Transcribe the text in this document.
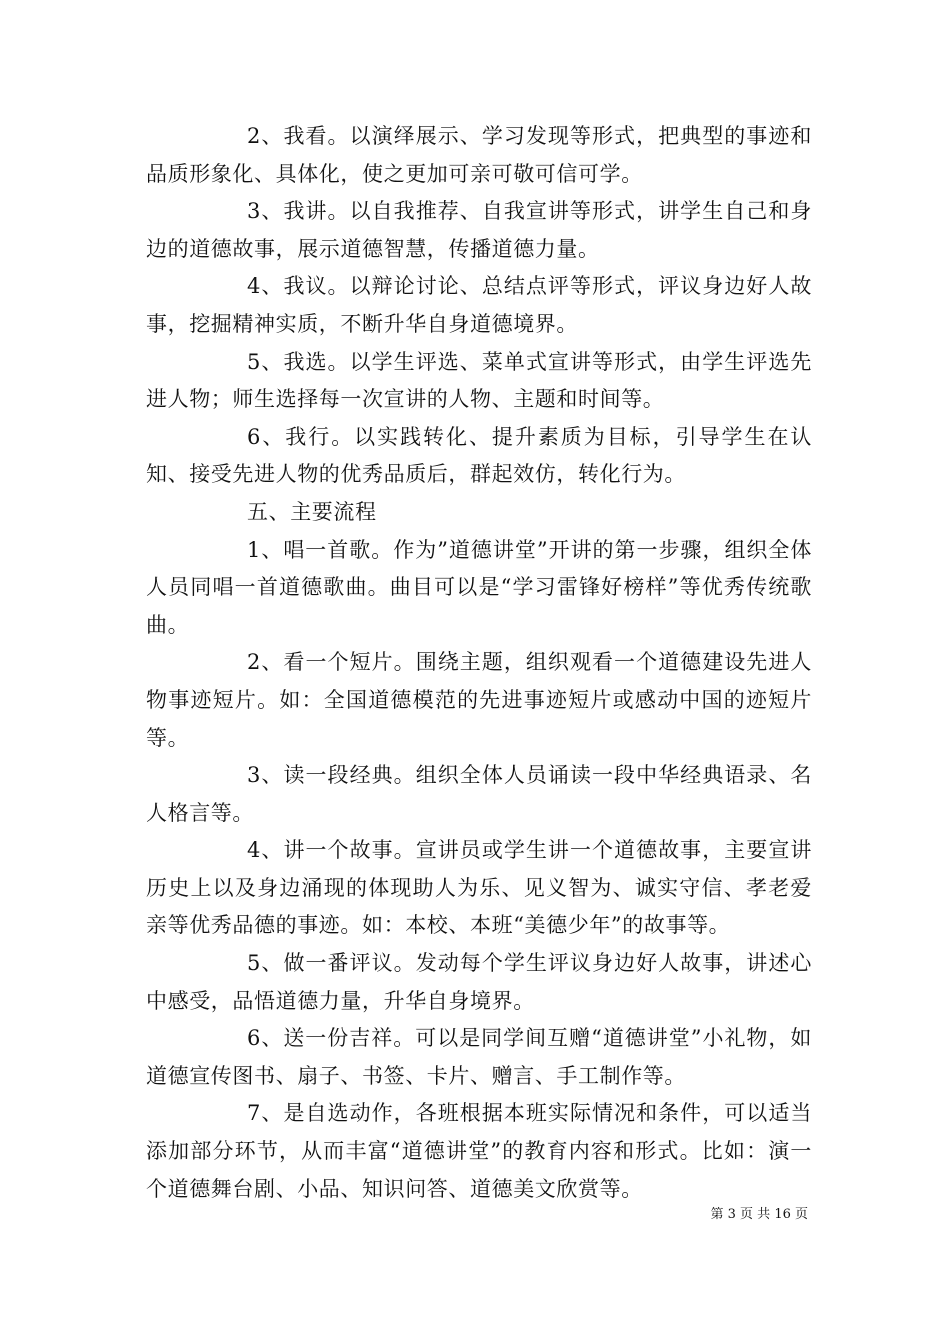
2、我看。以演绎展示、学习发现等形式，把典型的事迹和品质形象化、具体化，使之更加可亲可敬可信可学。

3、我讲。以自我推荐、自我宣讲等形式，讲学生自己和身边的道德故事，展示道德智慧，传播道德力量。

4、我议。以辩论讨论、总结点评等形式，评议身边好人故事，挖掘精神实质，不断升华自身道德境界。

5、我选。以学生评选、菜单式宣讲等形式，由学生评选先进人物；师生选择每一次宣讲的人物、主题和时间等。

6、我行。以实践转化、提升素质为目标，引导学生在认知、接受先进人物的优秀品质后，群起效仿，转化行为。

五、主要流程

1、唱一首歌。作为”道德讲堂”开讲的第一步骤，组织全体人员同唱一首道德歌曲。曲目可以是“学习雷锋好榜样”等优秀传统歌曲。

2、看一个短片。围绕主题，组织观看一个道德建设先进人物事迹短片。如：全国道德模范的先进事迹短片或感动中国的迹短片等。

3、读一段经典。组织全体人员诵读一段中华经典语录、名人格言等。

4、讲一个故事。宣讲员或学生讲一个道德故事，主要宣讲历史上以及身边涌现的体现助人为乐、见义智为、诚实守信、孝老爱亲等优秀品德的事迹。如：本校、本班“美德少年”的故事等。

5、做一番评议。发动每个学生评议身边好人故事，讲述心中感受，品悟道德力量，升华自身境界。

6、送一份吉祥。可以是同学间互赠“道德讲堂”小礼物，如道德宣传图书、扇子、书签、卡片、赠言、手工制作等。

7、是自选动作，各班根据本班实际情况和条件，可以适当添加部分环节，从而丰富“道德讲堂”的教育内容和形式。比如：演一个道德舞台剧、小品、知识问答、道德美文欣赏等。

第 3 页 共 16 页
